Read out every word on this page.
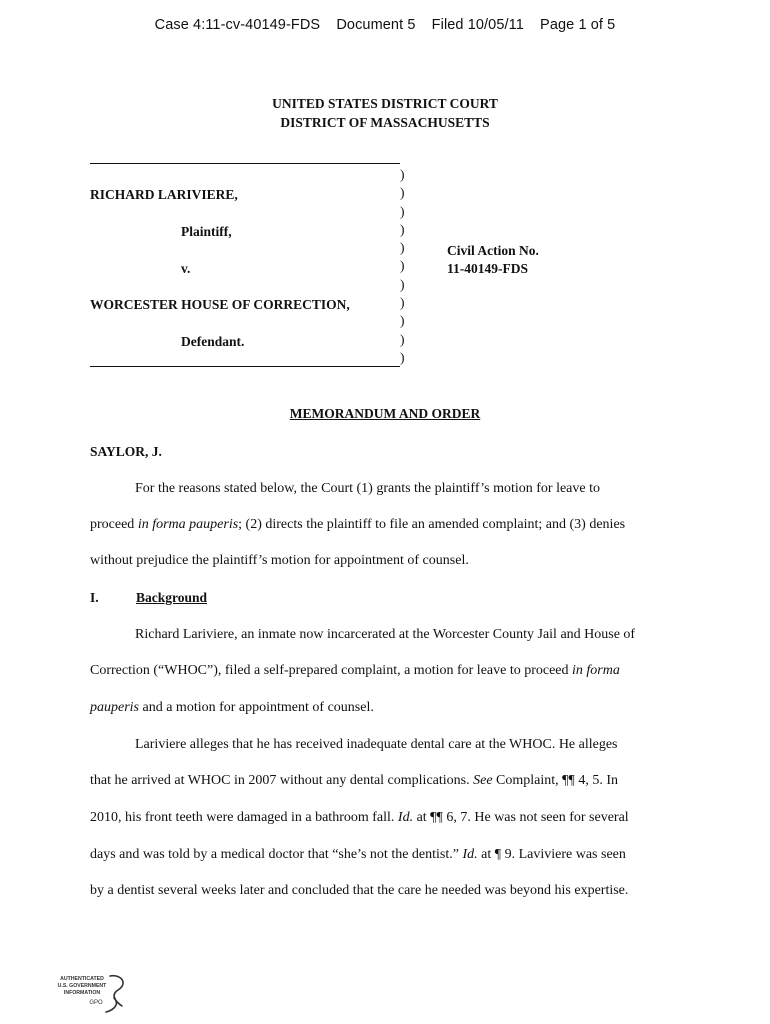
Case 4:11-cv-40149-FDS Document 5 Filed 10/05/11 Page 1 of 5
UNITED STATES DISTRICT COURT
DISTRICT OF MASSACHUSETTS
RICHARD LARIVIERE,
Plaintiff,
v.
WORCESTER HOUSE OF CORRECTION,
Defendant.
)
)
)
)
)
)
)
)
)
)
)
Civil Action No.
11-40149-FDS
MEMORANDUM AND ORDER
SAYLOR, J.
For the reasons stated below, the Court (1) grants the plaintiff’s motion for leave to
proceed in forma pauperis; (2) directs the plaintiff to file an amended complaint; and (3) denies
without prejudice the plaintiff’s motion for appointment of counsel.
I.	Background
Richard Lariviere, an inmate now incarcerated at the Worcester County Jail and House of
Correction (“WHOC”), filed a self-prepared complaint, a motion for leave to proceed in forma
pauperis and a motion for appointment of counsel.
Lariviere alleges that he has received inadequate dental care at the WHOC. He alleges
that he arrived at WHOC in 2007 without any dental complications. See Complaint, ¶¶ 4, 5. In
2010, his front teeth were damaged in a bathroom fall. Id. at ¶¶ 6, 7. He was not seen for several
days and was told by a medical doctor that “she’s not the dentist.” Id. at ¶ 9. Laviviere was seen
by a dentist several weeks later and concluded that the care he needed was beyond his expertise.
AUTHENTICATED
U.S. GOVERNMENT
INFORMATION
GPO
